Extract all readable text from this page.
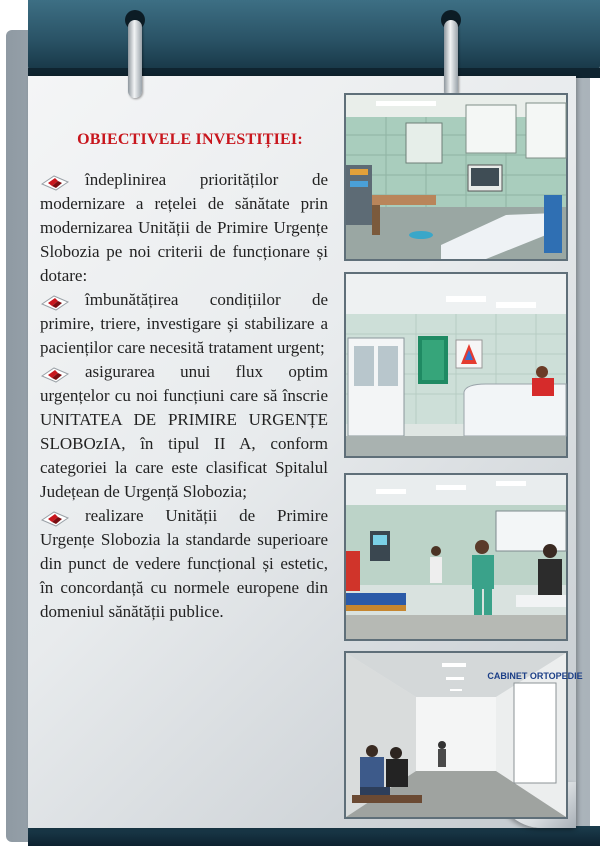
OBIECTIVELE INVESTIȚIEI:

îndeplinirea priorităților de modernizare a rețelei de sănătate prin modernizarea Unității de Primire Urgențe Slobozia pe noi criterii de funcționare și dotare:

îmbunătățirea condițiilor de primire, triere, investigare și stabilizare a pacienților care necesită tratament urgent;

asigurarea unui flux optim urgențelor cu noi funcțiuni care să înscrie UNITATEA DE PRIMIRE URGENȚE SLOBOzIA, în tipul II A, conform categoriei la care este clasificat Spitalul Județean de Urgență Slobozia;

realizare Unității de Primire Urgențe Slobozia la standarde superioare din punct de vedere funcțional și estetic, în concordanță cu normele europene din domeniul sănătății publice.

CABINET ORTOPEDIE
